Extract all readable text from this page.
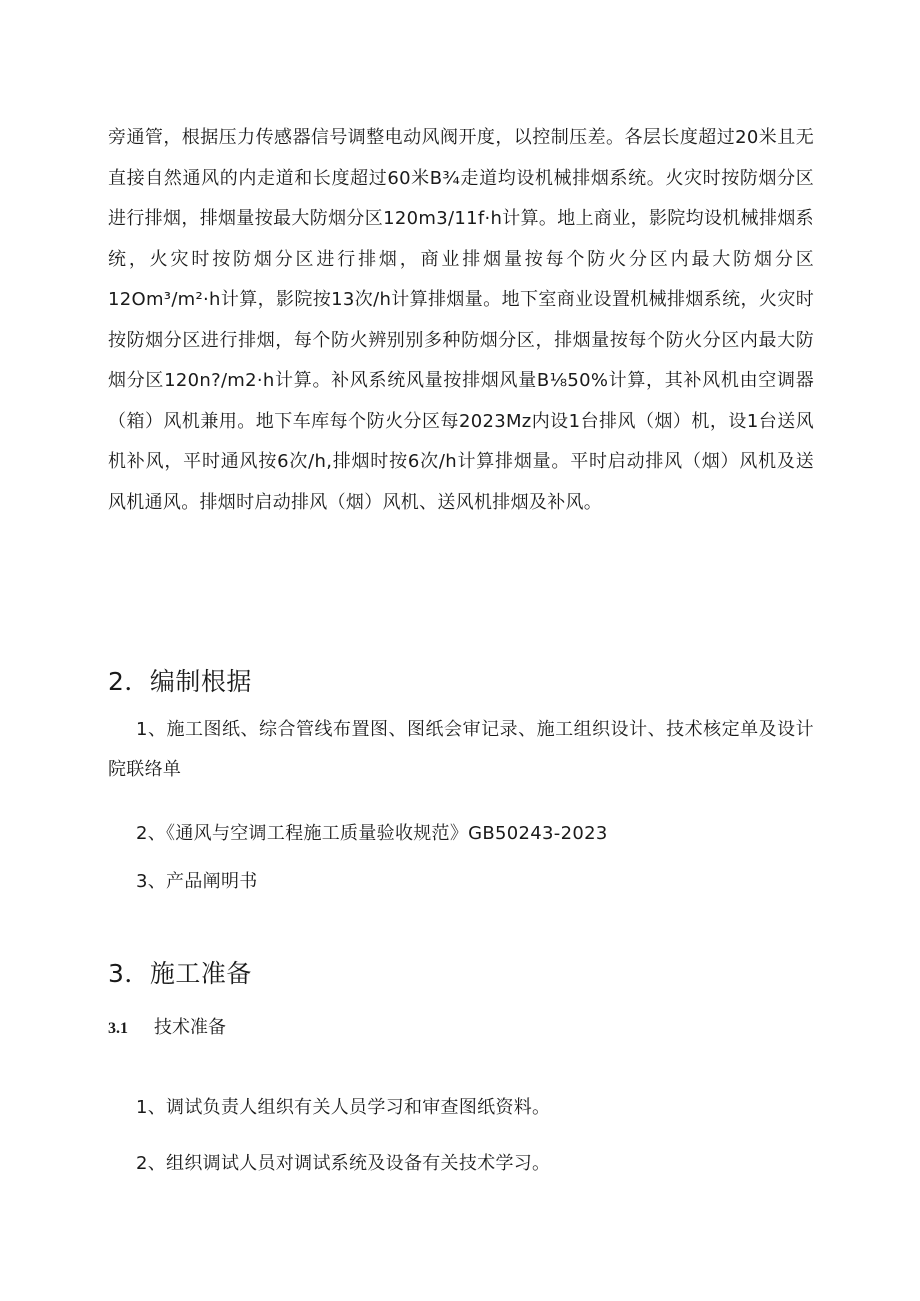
旁通管，根据压力传感器信号调整电动风阀开度，以控制压差。各层长度超过20米且无直接自然通风的内走道和长度超过60米B¾走道均设机械排烟系统。火灾时按防烟分区进行排烟，排烟量按最大防烟分区120m3/11f·h计算。地上商业，影院均设机械排烟系统，火灾时按防烟分区进行排烟，商业排烟量按每个防火分区内最大防烟分区12Om³/m²·h计算，影院按13次/h计算排烟量。地下室商业设置机械排烟系统，火灾时按防烟分区进行排烟，每个防火辨别别多种防烟分区，排烟量按每个防火分区内最大防烟分区120n?/m2·h计算。补风系统风量按排烟风量B⅛50%计算，其补风机由空调器（箱）风机兼用。地下车库每个防火分区每2023Mz内设1台排风（烟）机，设1台送风机补风，平时通风按6次/h,排烟时按6次/h计算排烟量。平时启动排风（烟）风机及送风机通风。排烟时启动排风（烟）风机、送风机排烟及补风。

2．编制根据

1、施工图纸、综合管线布置图、图纸会审记录、施工组织设计、技术核定单及设计院联络单

2、《通风与空调工程施工质量验收规范》GB50243-2023

3、产品阐明书

3．施工准备
3.1 技术准备

1、调试负责人组织有关人员学习和审查图纸资料。

2、组织调试人员对调试系统及设备有关技术学习。
